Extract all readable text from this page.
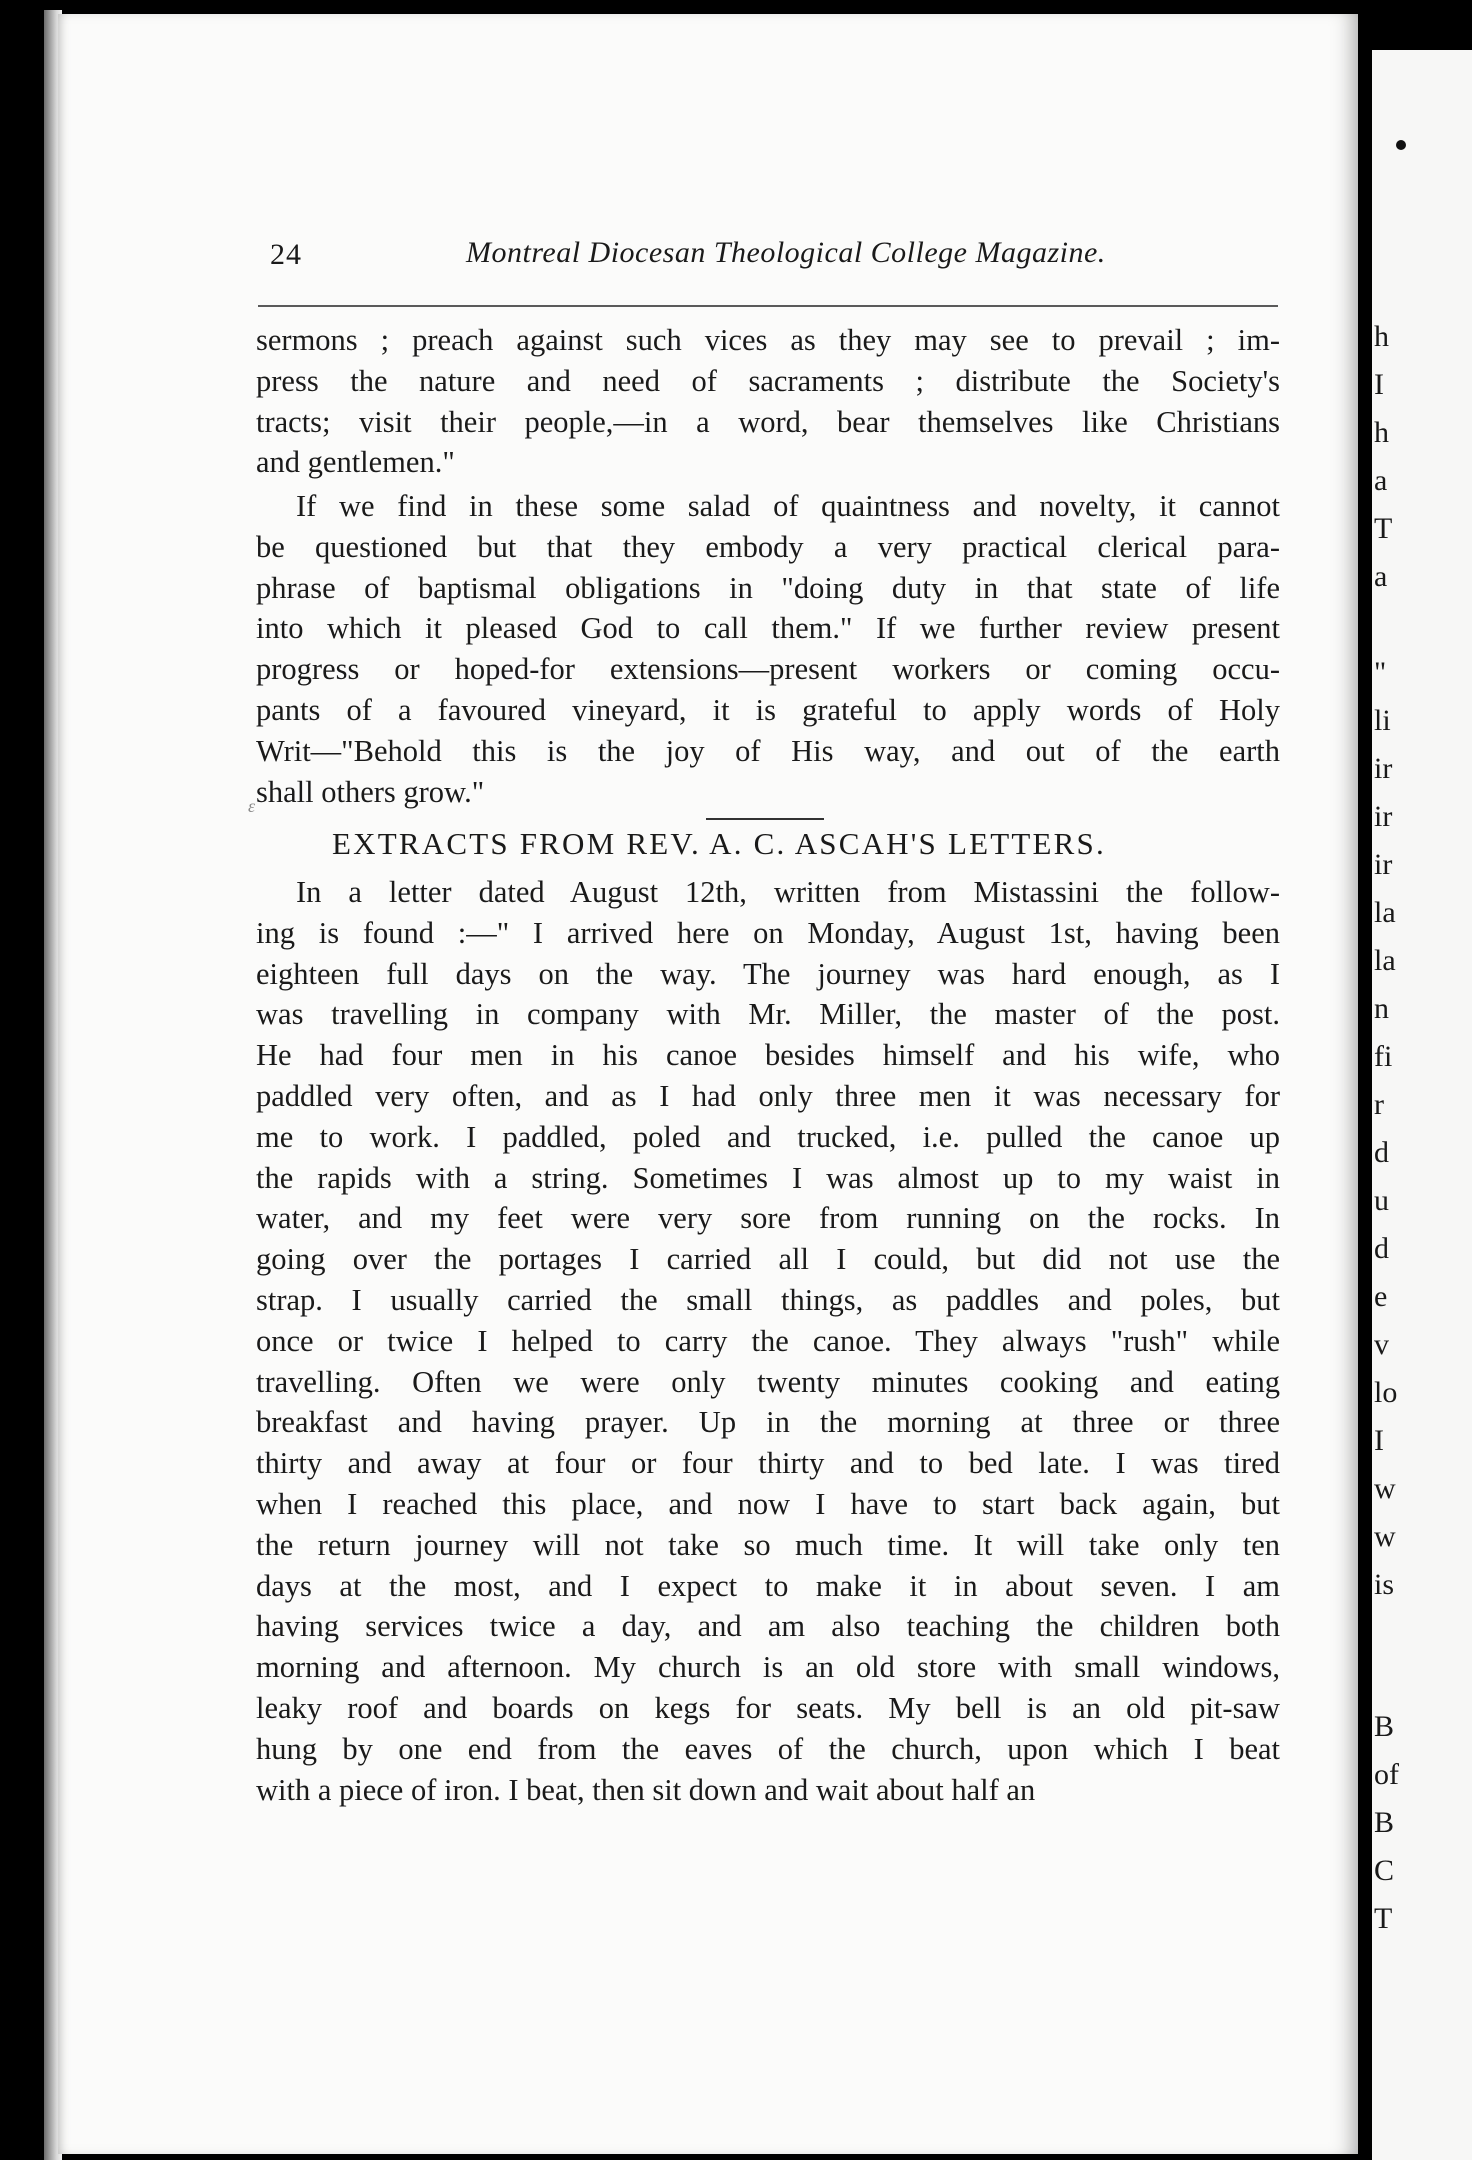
h
I
h
a
T
a
"
li
ir
ir
ir
la
la
n
fi
r
d
u
d
e
v
lo
I
w
w
is
B
of
B
C
T
24	Montreal Diocesan Theological College Magazine.
sermons ; preach against such vices as they may see to prevail ; im-
press the nature and need of sacraments ; distribute the Society's
tracts; visit their people,—in a word, bear themselves like Christians
and gentlemen."
If we find in these some salad of quaintness and novelty, it cannot
be questioned but that they embody a very practical clerical para-
phrase of baptismal obligations in "doing duty in that state of life
into which it pleased God to call them." If we further review present
progress or hoped-for extensions—present workers or coming occu-
pants of a favoured vineyard, it is grateful to apply words of Holy
Writ—"Behold this is the joy of His way, and out of the earth
shall others grow."
ε
EXTRACTS FROM REV. A. C. ASCAH'S LETTERS.
In a letter dated August 12th, written from Mistassini the follow-
ing is found :—" I arrived here on Monday, August 1st, having been
eighteen full days on the way. The journey was hard enough, as I
was travelling in company with Mr. Miller, the master of the post.
He had four men in his canoe besides himself and his wife, who
paddled very often, and as I had only three men it was necessary for
me to work. I paddled, poled and trucked, i.e. pulled the canoe up
the rapids with a string. Sometimes I was almost up to my waist in
water, and my feet were very sore from running on the rocks. In
going over the portages I carried all I could, but did not use the
strap. I usually carried the small things, as paddles and poles, but
once or twice I helped to carry the canoe. They always "rush" while
travelling. Often we were only twenty minutes cooking and eating
breakfast and having prayer. Up in the morning at three or three
thirty and away at four or four thirty and to bed late. I was tired
when I reached this place, and now I have to start back again, but
the return journey will not take so much time. It will take only ten
days at the most, and I expect to make it in about seven. I am
having services twice a day, and am also teaching the children both
morning and afternoon. My church is an old store with small windows,
leaky roof and boards on kegs for seats. My bell is an old pit-saw
hung by one end from the eaves of the church, upon which I beat
with a piece of iron. I beat, then sit down and wait about half an
